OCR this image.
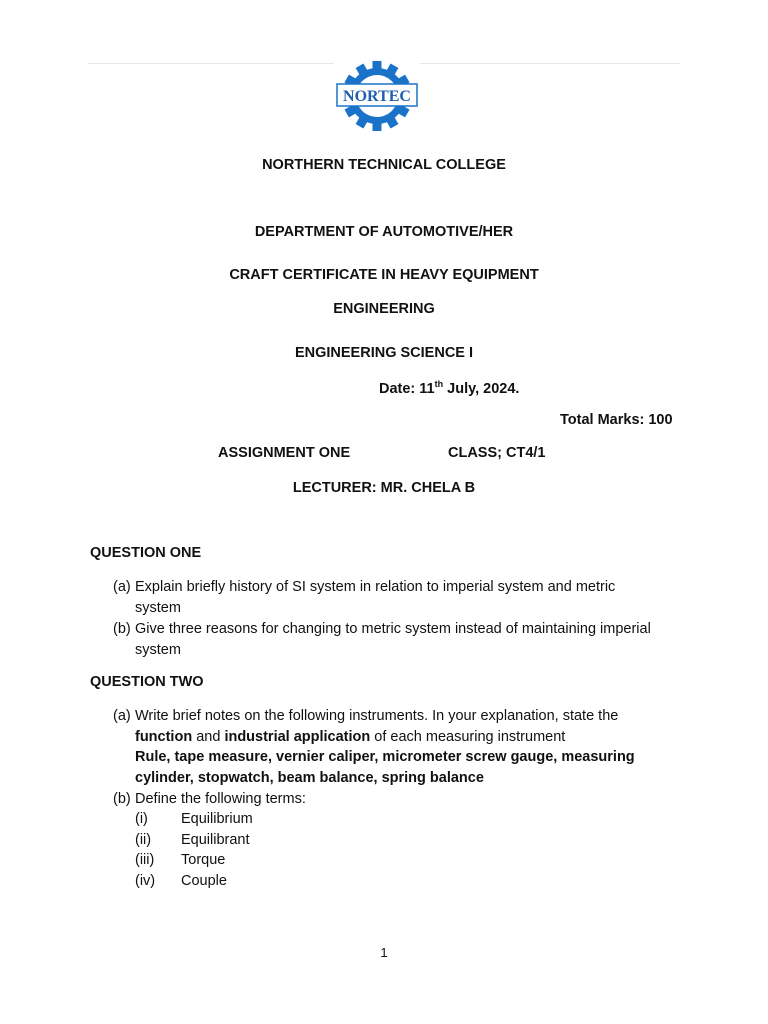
NORTEC
NORTHERN TECHNICAL COLLEGE
DEPARTMENT OF AUTOMOTIVE/HER
CRAFT CERTIFICATE IN HEAVY EQUIPMENT
ENGINEERING
ENGINEERING SCIENCE I
Date: 11th July, 2024.
Total Marks: 100
ASSIGNMENT ONE	CLASS; CT4/1
LECTURER: MR. CHELA B
QUESTION ONE
(a) Explain briefly history of SI system in relation to imperial system and metric
system
(b) Give three reasons for changing to metric system instead of maintaining imperial
system
QUESTION TWO
(a) Write brief notes on the following instruments. In your explanation, state the
function and industrial application of each measuring instrument
Rule, tape measure, vernier caliper, micrometer screw gauge, measuring
cylinder, stopwatch, beam balance, spring balance
(b) Define the following terms:
(i) Equilibrium
(ii) Equilibrant
(iii) Torque
(iv) Couple
1
